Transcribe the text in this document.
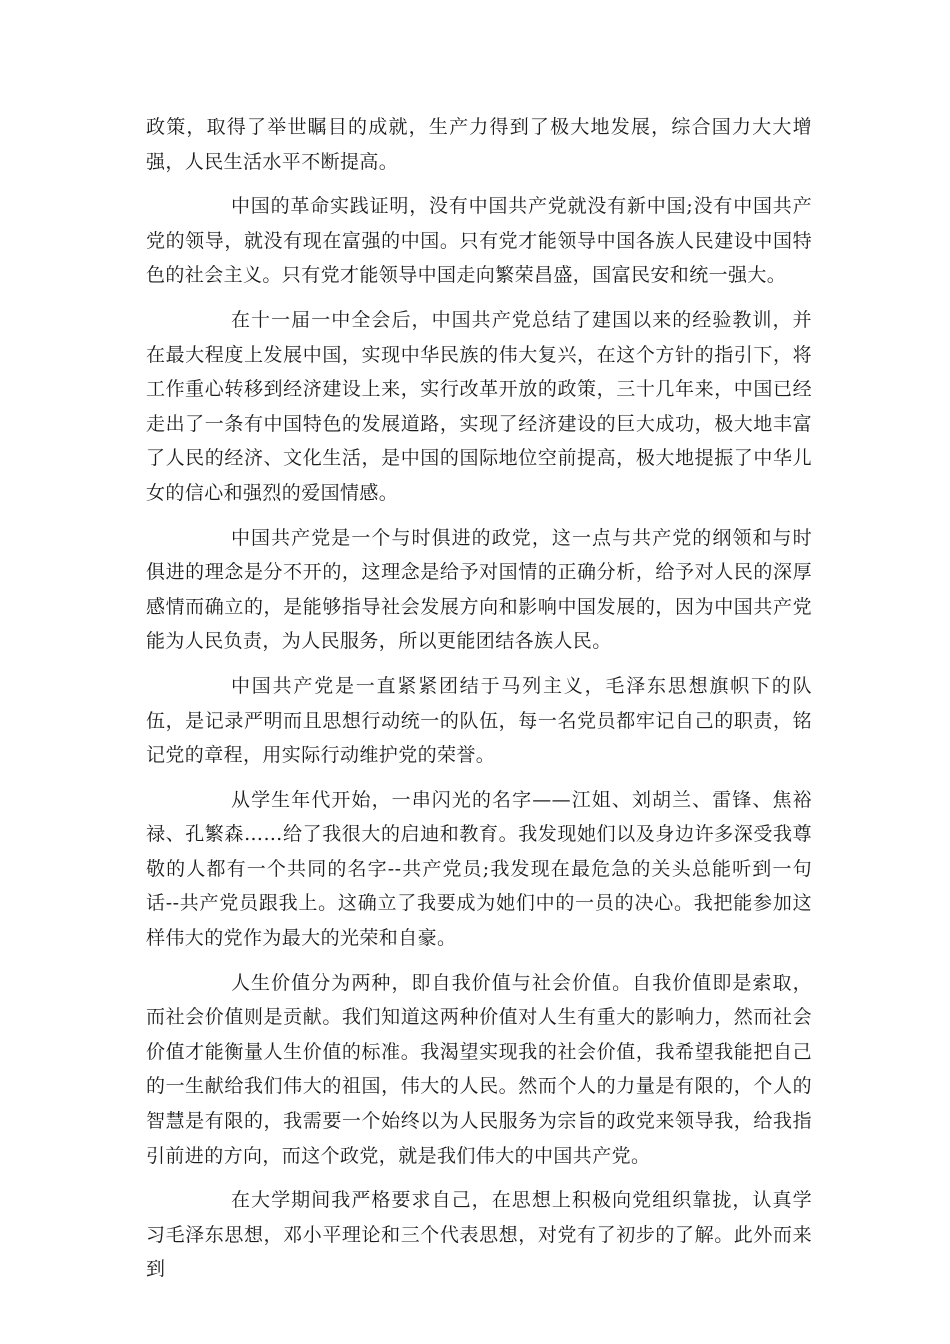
政策，取得了举世瞩目的成就，生产力得到了极大地发展，综合国力大大增强，人民生活水平不断提高。

中国的革命实践证明，没有中国共产党就没有新中国;没有中国共产党的领导，就没有现在富强的中国。只有党才能领导中国各族人民建设中国特色的社会主义。只有党才能领导中国走向繁荣昌盛，国富民安和统一强大。

在十一届一中全会后，中国共产党总结了建国以来的经验教训，并在最大程度上发展中国，实现中华民族的伟大复兴，在这个方针的指引下，将工作重心转移到经济建设上来，实行改革开放的政策，三十几年来，中国已经走出了一条有中国特色的发展道路，实现了经济建设的巨大成功，极大地丰富了人民的经济、文化生活，是中国的国际地位空前提高，极大地提振了中华儿女的信心和强烈的爱国情感。

中国共产党是一个与时俱进的政党，这一点与共产党的纲领和与时俱进的理念是分不开的，这理念是给予对国情的正确分析，给予对人民的深厚感情而确立的，是能够指导社会发展方向和影响中国发展的，因为中国共产党能为人民负责，为人民服务，所以更能团结各族人民。

中国共产党是一直紧紧团结于马列主义，毛泽东思想旗帜下的队伍，是记录严明而且思想行动统一的队伍，每一名党员都牢记自己的职责，铭记党的章程，用实际行动维护党的荣誉。

从学生年代开始，一串闪光的名字——江姐、刘胡兰、雷锋、焦裕禄、孔繁森……给了我很大的启迪和教育。我发现她们以及身边许多深受我尊敬的人都有一个共同的名字--共产党员;我发现在最危急的关头总能听到一句话--共产党员跟我上。这确立了我要成为她们中的一员的决心。我把能参加这样伟大的党作为最大的光荣和自豪。

人生价值分为两种，即自我价值与社会价值。自我价值即是索取，而社会价值则是贡献。我们知道这两种价值对人生有重大的影响力，然而社会价值才能衡量人生价值的标准。我渴望实现我的社会价值，我希望我能把自己的一生献给我们伟大的祖国，伟大的人民。然而个人的力量是有限的，个人的智慧是有限的，我需要一个始终以为人民服务为宗旨的政党来领导我，给我指引前进的方向，而这个政党，就是我们伟大的中国共产党。

在大学期间我严格要求自己，在思想上积极向党组织靠拢，认真学习毛泽东思想，邓小平理论和三个代表思想，对党有了初步的了解。此外而来到
